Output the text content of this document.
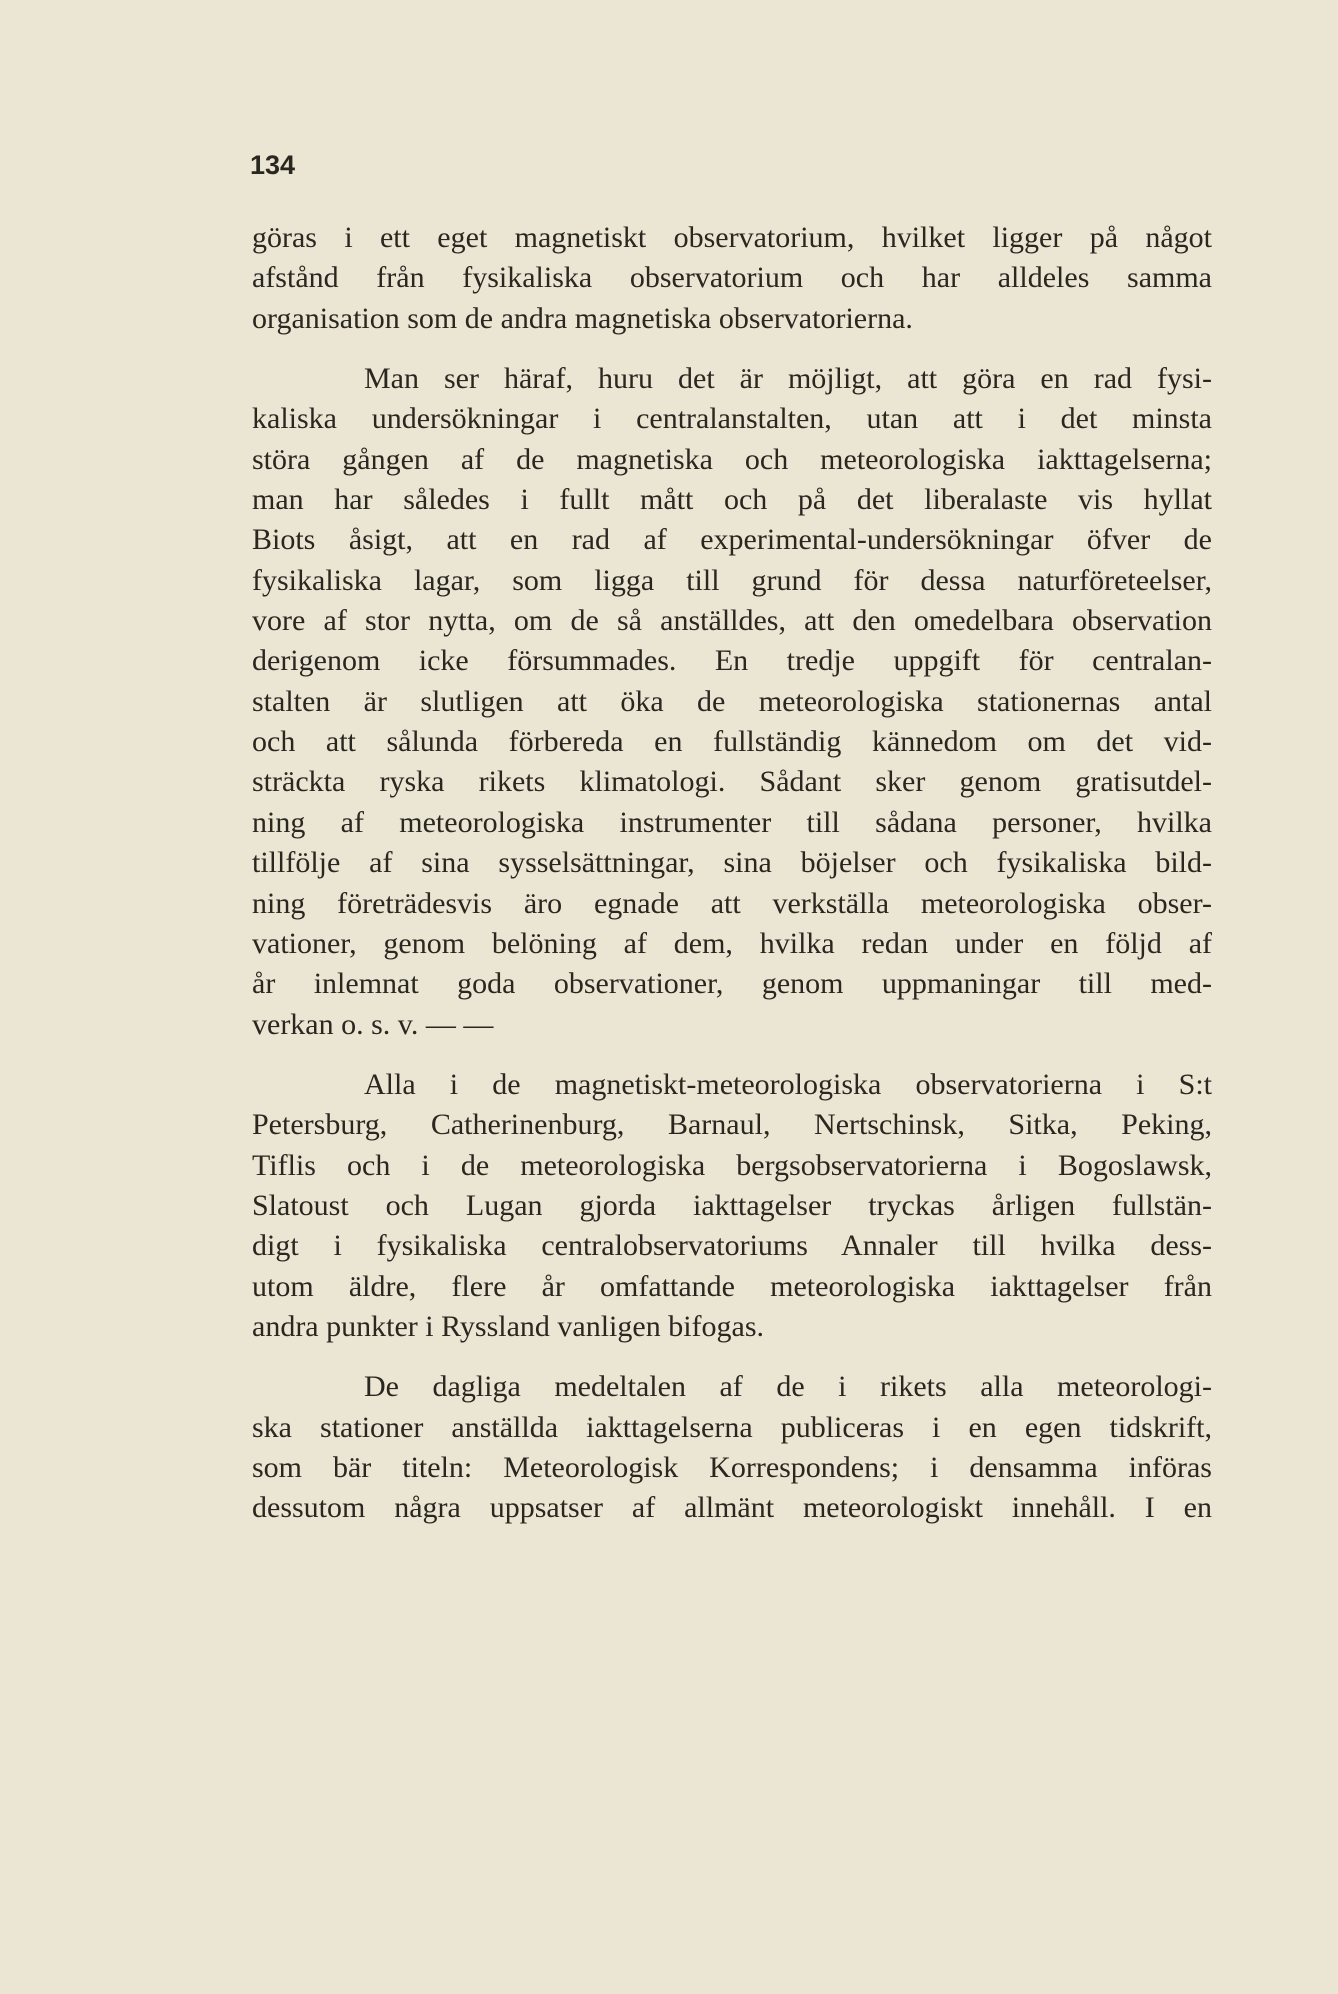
134
göras i ett eget magnetiskt observatorium, hvilket ligger på något
afstånd från fysikaliska observatorium och har alldeles samma
organisation som de andra magnetiska observatorierna.
Man ser häraf, huru det är möjligt, att göra en rad fysi-
kaliska undersökningar i centralanstalten, utan att i det minsta
störa gången af de magnetiska och meteorologiska iakttagelserna;
man har således i fullt mått och på det liberalaste vis hyllat
Biots åsigt, att en rad af experimental-undersökningar öfver de
fysikaliska lagar, som ligga till grund för dessa naturföreteelser,
vore af stor nytta, om de så anställdes, att den omedelbara observation
derigenom icke försummades. En tredje uppgift för centralan-
stalten är slutligen att öka de meteorologiska stationernas antal
och att sålunda förbereda en fullständig kännedom om det vid-
sträckta ryska rikets klimatologi. Sådant sker genom gratisutdel-
ning af meteorologiska instrumenter till sådana personer, hvilka
tillfölje af sina sysselsättningar, sina böjelser och fysikaliska bild-
ning företrädesvis äro egnade att verkställa meteorologiska obser-
vationer, genom belöning af dem, hvilka redan under en följd af
år inlemnat goda observationer, genom uppmaningar till med-
verkan o. s. v. — —
Alla i de magnetiskt-meteorologiska observatorierna i S:t
Petersburg, Catherinenburg, Barnaul, Nertschinsk, Sitka, Peking,
Tiflis och i de meteorologiska bergsobservatorierna i Bogoslawsk,
Slatoust och Lugan gjorda iakttagelser tryckas årligen fullstän-
digt i fysikaliska centralobservatoriums Annaler till hvilka dess-
utom äldre, flere år omfattande meteorologiska iakttagelser från
andra punkter i Ryssland vanligen bifogas.
De dagliga medeltalen af de i rikets alla meteorologi-
ska stationer anställda iakttagelserna publiceras i en egen tidskrift,
som bär titeln: Meteorologisk Korrespondens; i densamma införas
dessutom några uppsatser af allmänt meteorologiskt innehåll. I en
